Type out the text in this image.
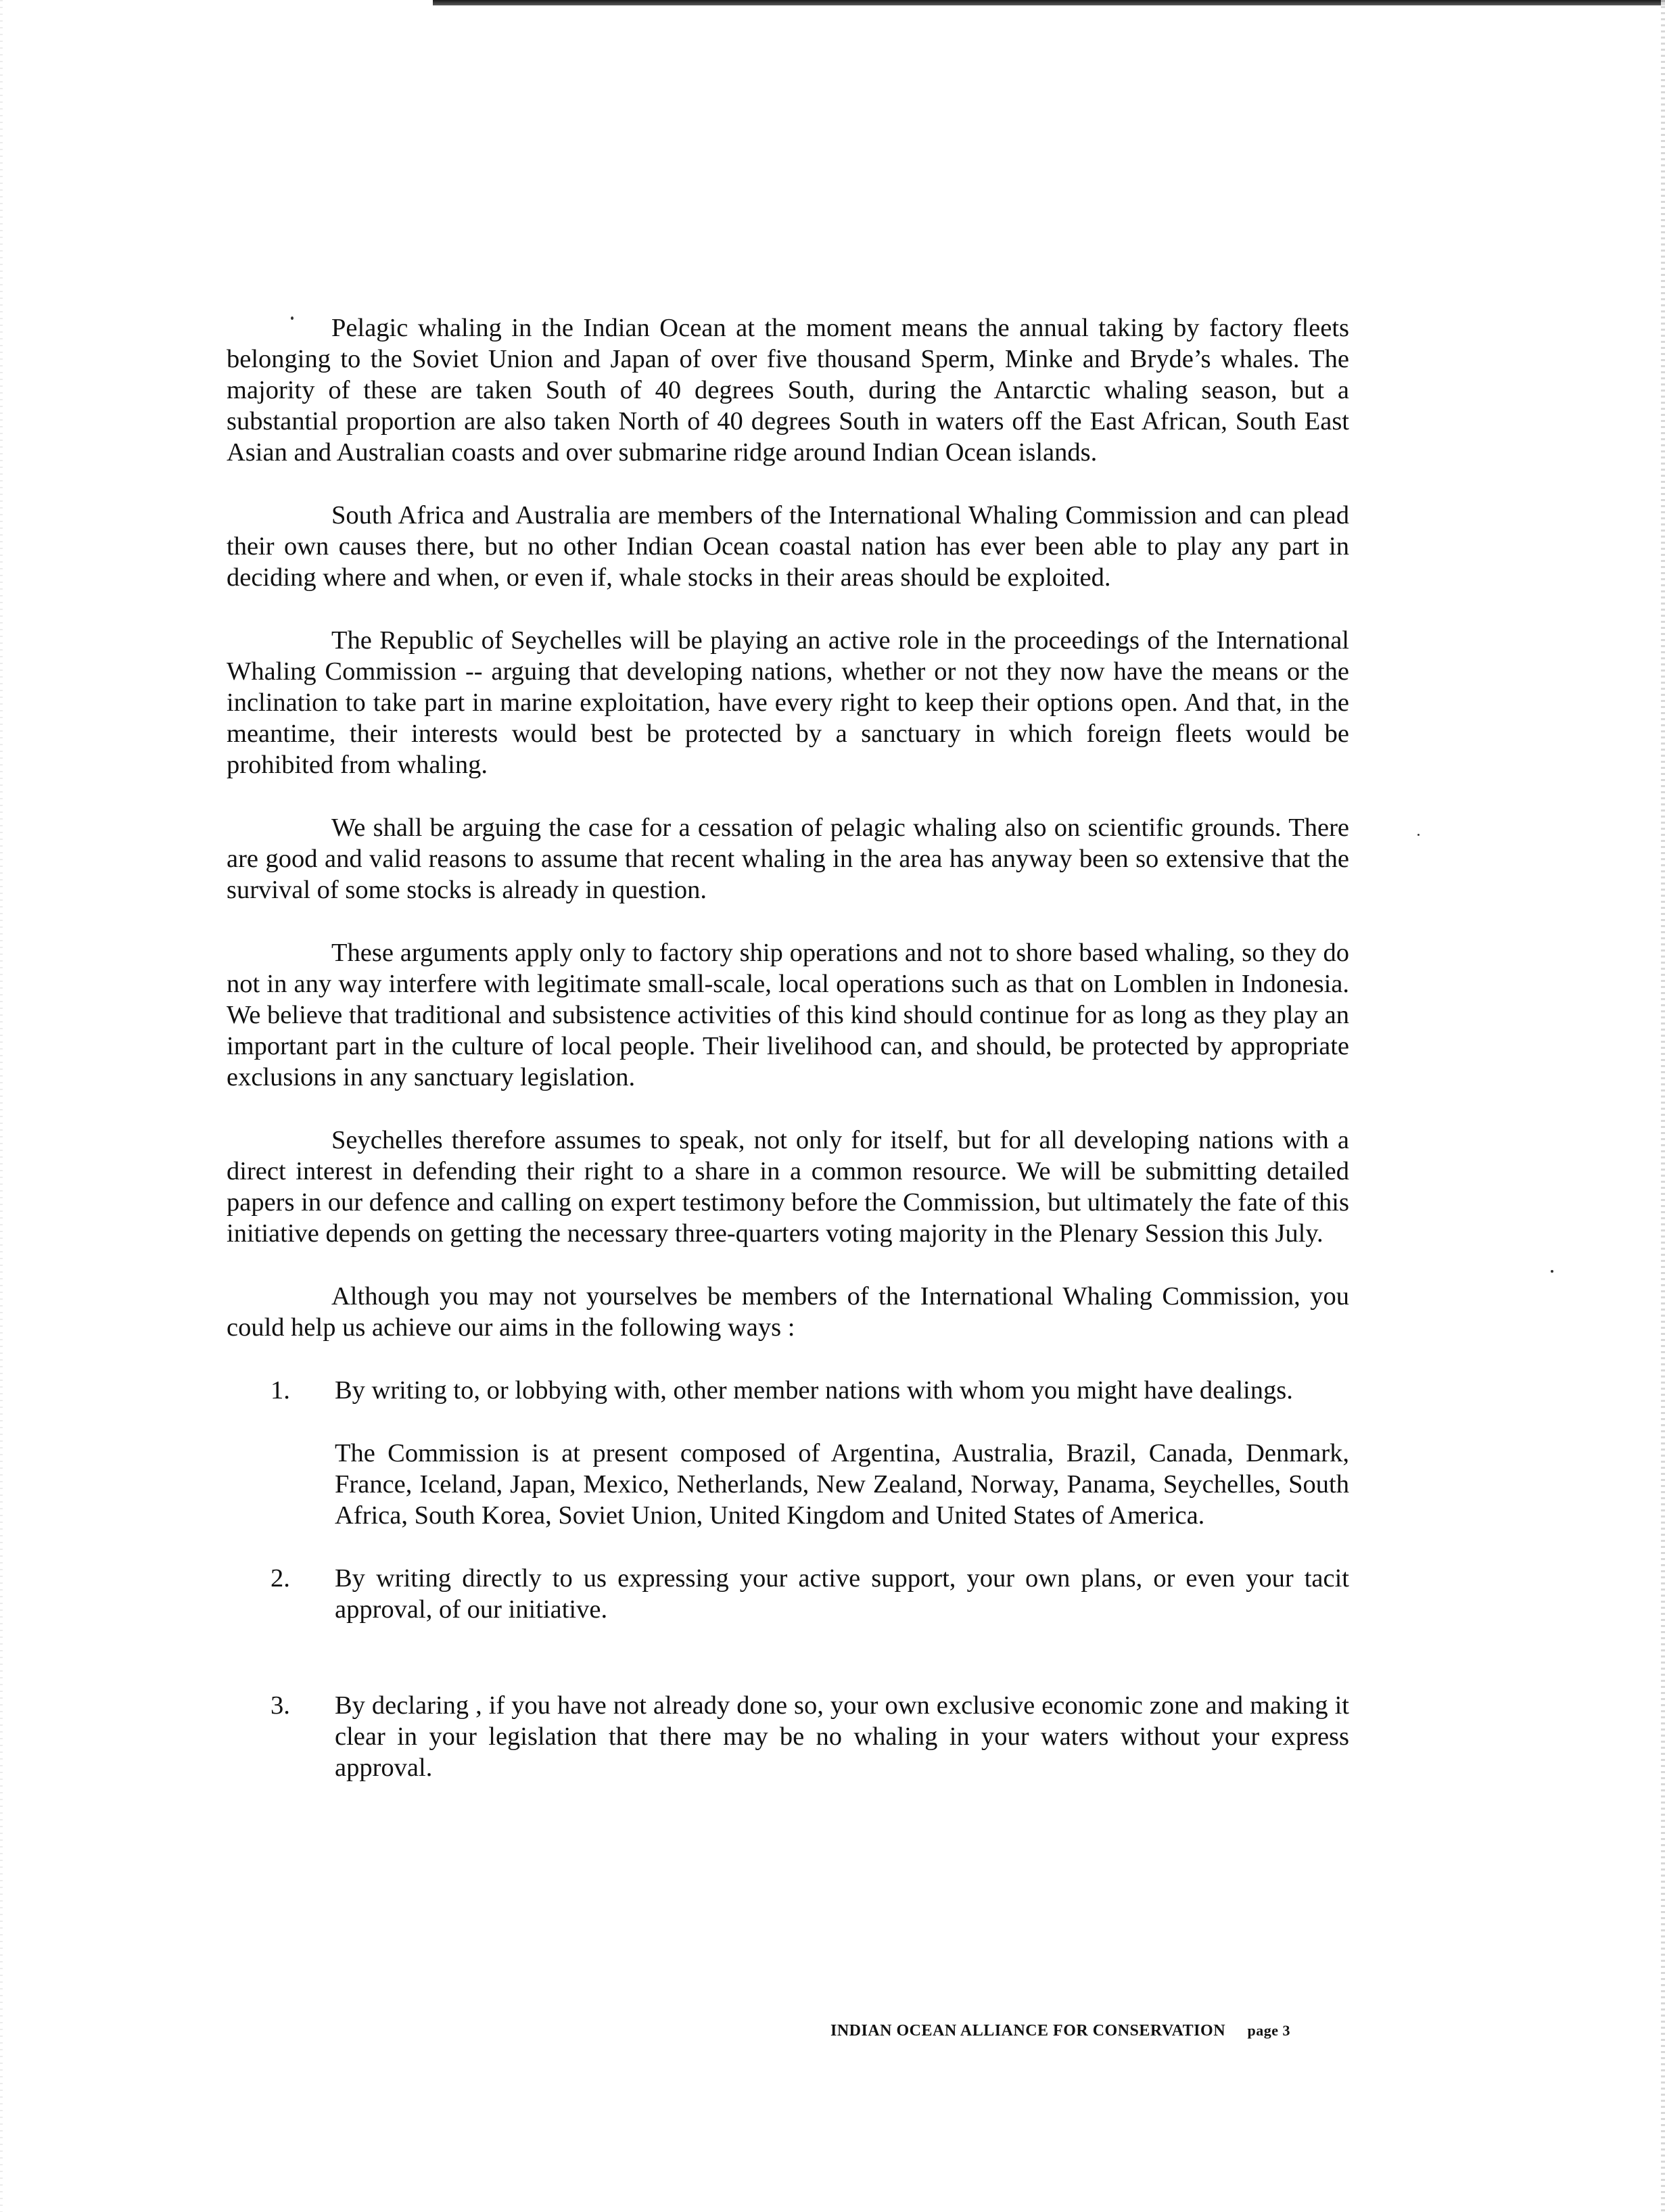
Pelagic whaling in the Indian Ocean at the moment means the annual taking by factory fleets belonging to the Soviet Union and Japan of over five thousand Sperm, Minke and Bryde’s whales. The majority of these are taken South of 40 degrees South, during the Antarctic whaling season, but a substantial proportion are also taken North of 40 degrees South in waters off the East African, South East Asian and Australian coasts and over submarine ridge around Indian Ocean islands.

South Africa and Australia are members of the International Whaling Commission and can plead their own causes there, but no other Indian Ocean coastal nation has ever been able to play any part in deciding where and when, or even if, whale stocks in their areas should be exploited.

The Republic of Seychelles will be playing an active role in the proceedings of the International Whaling Commission -- arguing that developing nations, whether or not they now have the means or the inclination to take part in marine exploitation, have every right to keep their options open. And that, in the meantime, their interests would best be protected by a sanctuary in which foreign fleets would be prohibited from whaling.

We shall be arguing the case for a cessation of pelagic whaling also on scientific grounds. There are good and valid reasons to assume that recent whaling in the area has anyway been so extensive that the survival of some stocks is already in question.

These arguments apply only to factory ship operations and not to shore based whaling, so they do not in any way interfere with legitimate small-scale, local operations such as that on Lomblen in Indonesia. We believe that traditional and subsistence activities of this kind should continue for as long as they play an important part in the culture of local people. Their livelihood can, and should, be protected by appropriate exclusions in any sanctuary legislation.

Seychelles therefore assumes to speak, not only for itself, but for all developing nations with a direct interest in defending their right to a share in a common resource. We will be submitting detailed papers in our defence and calling on expert testimony before the Commission, but ultimately the fate of this initiative depends on getting the necessary three-quarters voting majority in the Plenary Session this July.

Although you may not yourselves be members of the International Whaling Commission, you could help us achieve our aims in the following ways :

1. By writing to, or lobbying with, other member nations with whom you might have dealings.

The Commission is at present composed of Argentina, Australia, Brazil, Canada, Denmark, France, Iceland, Japan, Mexico, Netherlands, New Zealand, Norway, Panama, Seychelles, South Africa, South Korea, Soviet Union, United Kingdom and United States of America.

2. By writing directly to us expressing your active support, your own plans, or even your tacit approval, of our initiative.

3. By declaring , if you have not already done so, your own exclusive economic zone and making it clear in your legislation that there may be no whaling in your waters without your express approval.

INDIAN OCEAN ALLIANCE FOR CONSERVATION page 3
